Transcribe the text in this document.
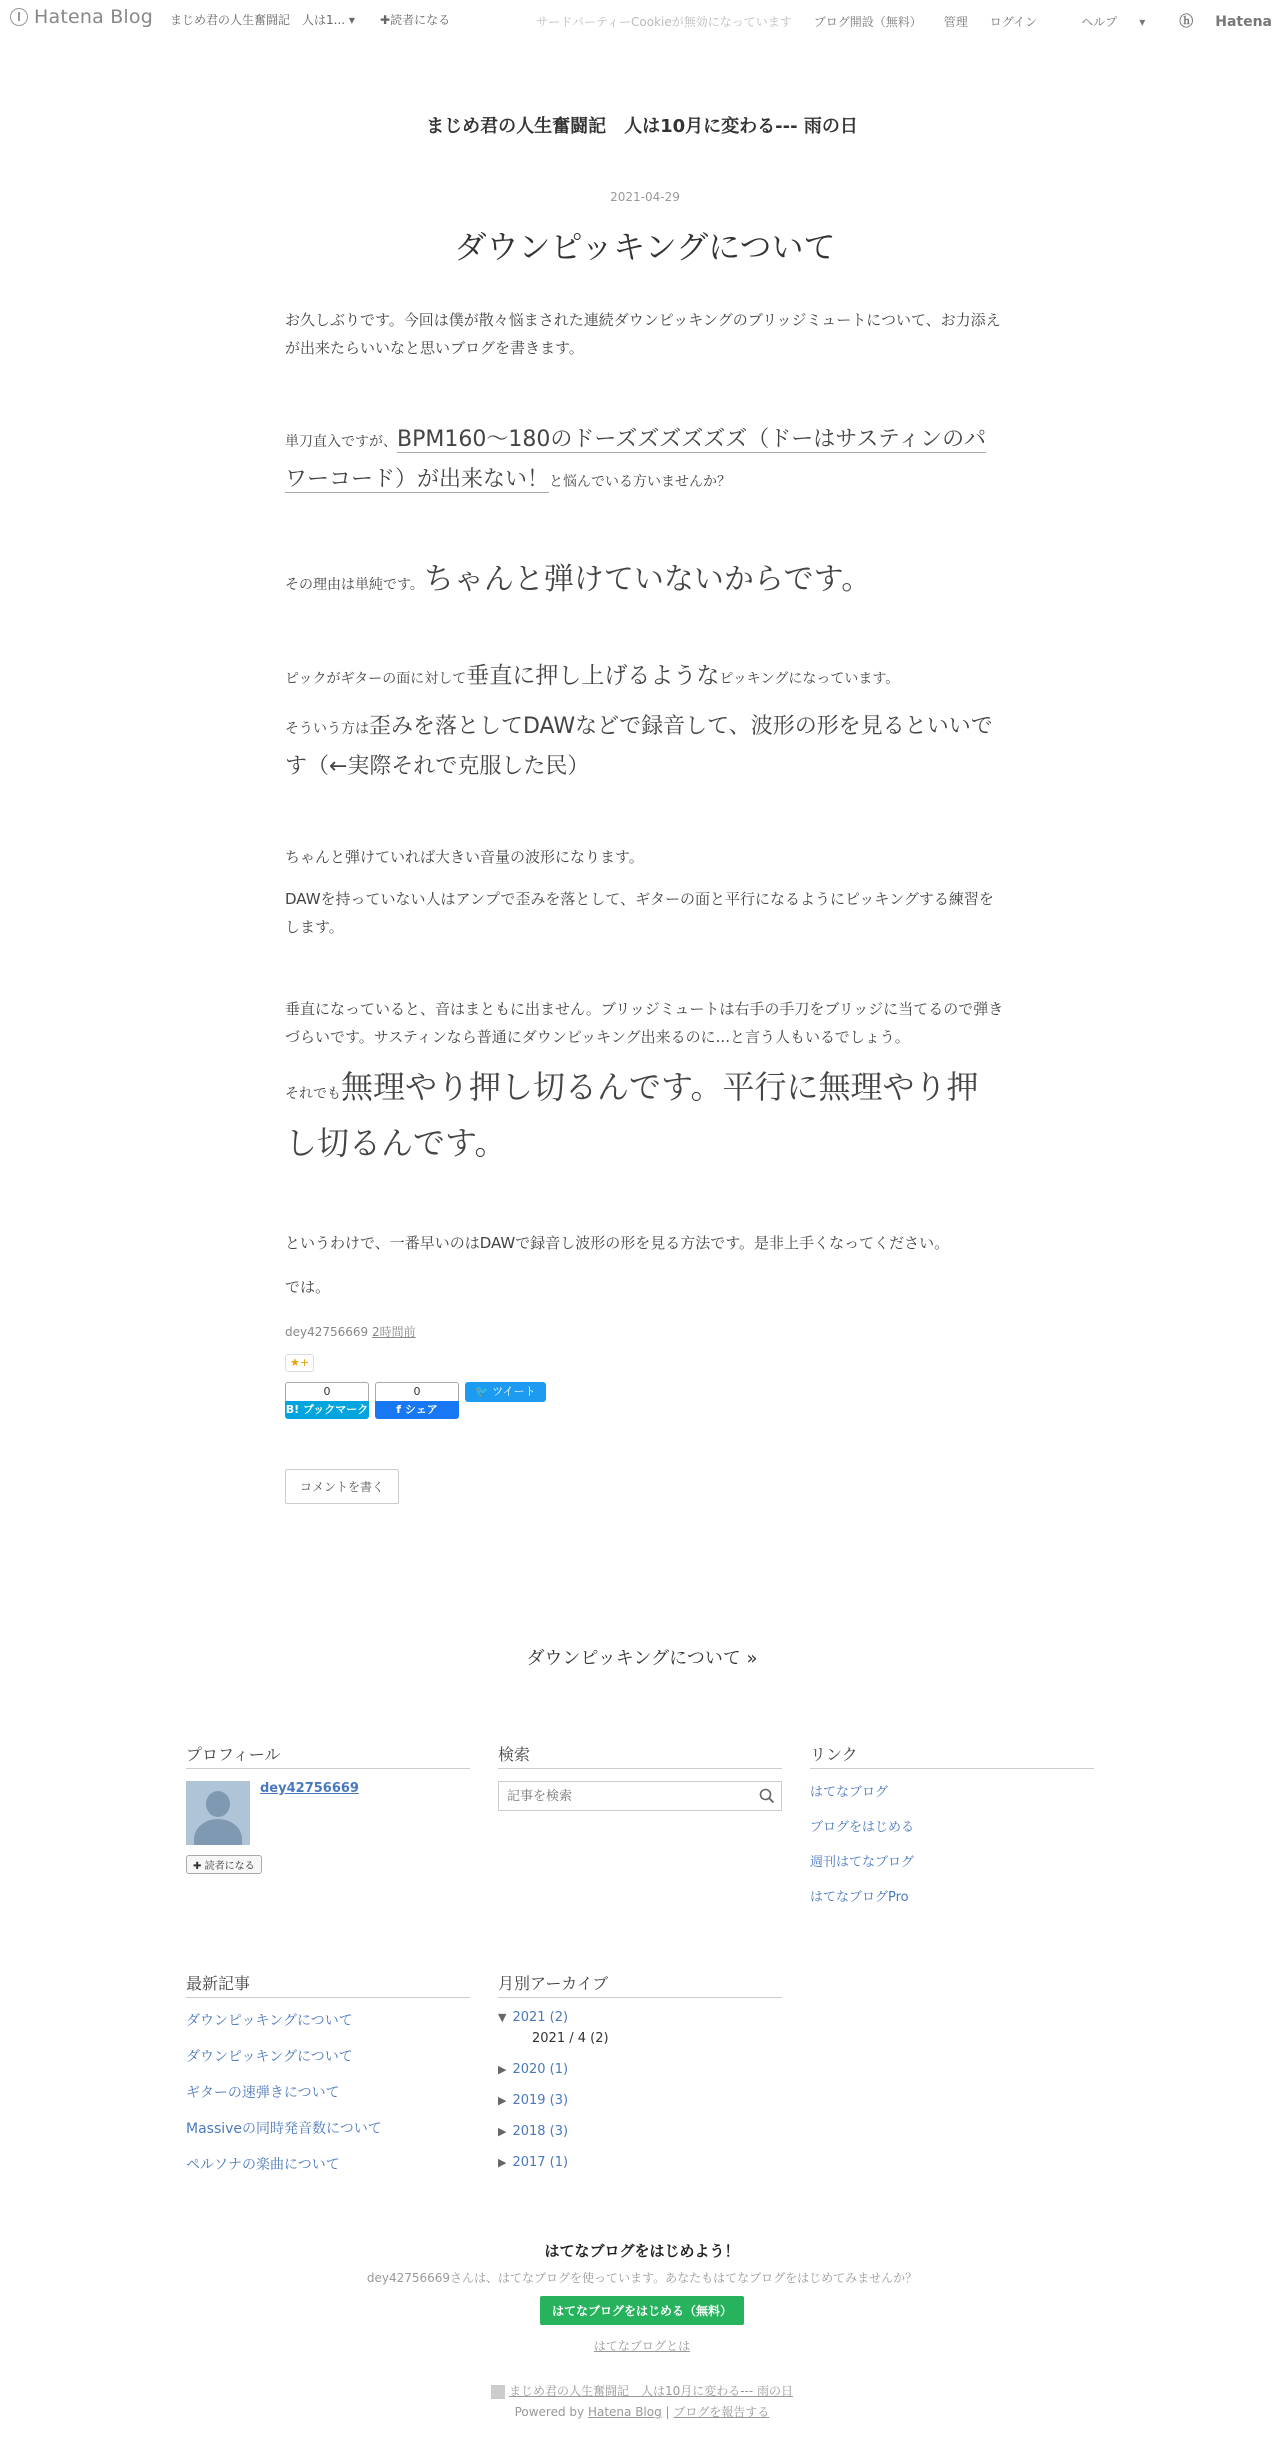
Hatena Blog まじめ君の人生奮闘記　人は1... ▾ ✚読者になる	サードパーティーCookieが無効になっています ブログ開設（無料） 管理 ログイン	ヘルプ ▾	ⓗ Hatena
まじめ君の人生奮闘記　人は10月に変わる--- 雨の日
2021-04-29
ダウンピッキングについて

お久しぶりです。今回は僕が散々悩まされた連続ダウンピッキングのブリッジミュートについて、お力添えが出来たらいいなと思いブログを書きます。

単刀直入ですが、BPM160～180のドーズズズズズズ（ドーはサスティンのパワーコード）が出来ない！と悩んでいる方いませんか？

その理由は単純です。ちゃんと弾けていないからです。

ピックがギターの面に対して垂直に押し上げるようなピッキングになっています。

そういう方は歪みを落としてDAWなどで録音して、波形の形を見るといいです（←実際それで克服した民）

ちゃんと弾けていれば大きい音量の波形になります。

DAWを持っていない人はアンプで歪みを落として、ギターの面と平行になるようにピッキングする練習をします。

垂直になっていると、音はまともに出ません。ブリッジミュートは右手の手刀をブリッジに当てるので弾きづらいです。サスティンなら普通にダウンピッキング出来るのに...と言う人もいるでしょう。

それでも無理やり押し切るんです。平行に無理やり押し切るんです。

というわけで、一番早いのはDAWで録音し波形の形を見る方法です。是非上手くなってください。

では。

dey42756669 2時間前
★+
0
B! ブックマーク
0
f シェア
🐦 ツイート
コメントを書く
ダウンピッキングについて »
プロフィール
dey42756669
✚ 読者になる
検索
記事を検索	リンク
はてなブログ
ブログをはじめる
週刊はてなブログ
はてなブログPro
最新記事
ダウンピッキングについて
ダウンピッキングについて
ギターの速弾きについて
Massiveの同時発音数について
ペルソナの楽曲について
月別アーカイブ
▼ 2021 (2)
2021 / 4 (2)
▶ 2020 (1)
▶ 2019 (3)
▶ 2018 (3)
▶ 2017 (1)
はてなブログをはじめよう！
dey42756669さんは、はてなブログを使っています。あなたもはてなブログをはじめてみませんか？
はてなブログをはじめる（無料）
はてなブログとは
まじめ君の人生奮闘記　人は10月に変わる--- 雨の日
Powered by Hatena Blog | ブログを報告する
